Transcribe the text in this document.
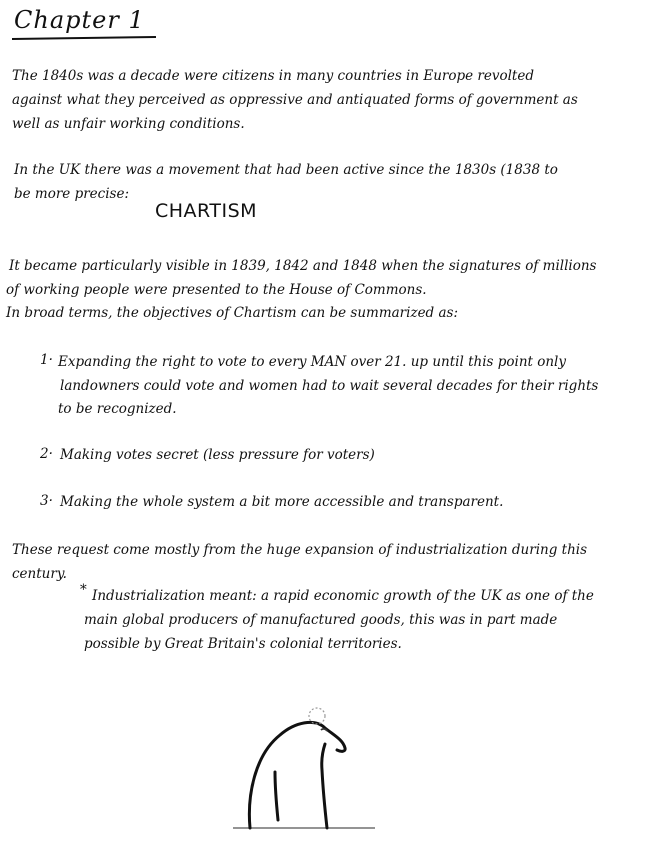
Chapter 1
The 1840s was a decade were citizens in many countries in Europe revolted
against what they perceived as oppressive and antiquated forms of government as
well as unfair working conditions.
In the UK there was a movement that had been active since the 1830s (1838 to
be more precise:
CHARTISM
It became particularly visible in 1839, 1842 and 1848 when the signatures of millions
of working people were presented to the House of Commons.
In broad terms, the objectives of Chartism can be summarized as:
1· Expanding the right to vote to every MAN over 21. up until this point only
landowners could vote and women had to wait several decades for their rights
to be recognized.
2· Making votes secret (less pressure for voters)
3· Making the whole system a bit more accessible and transparent.
These request come mostly from the huge expansion of industrialization during this
century.
* Industrialization meant: a rapid economic growth of the UK as one of the
main global producers of manufactured goods, this was in part made
possible by Great Britain's colonial territories.
